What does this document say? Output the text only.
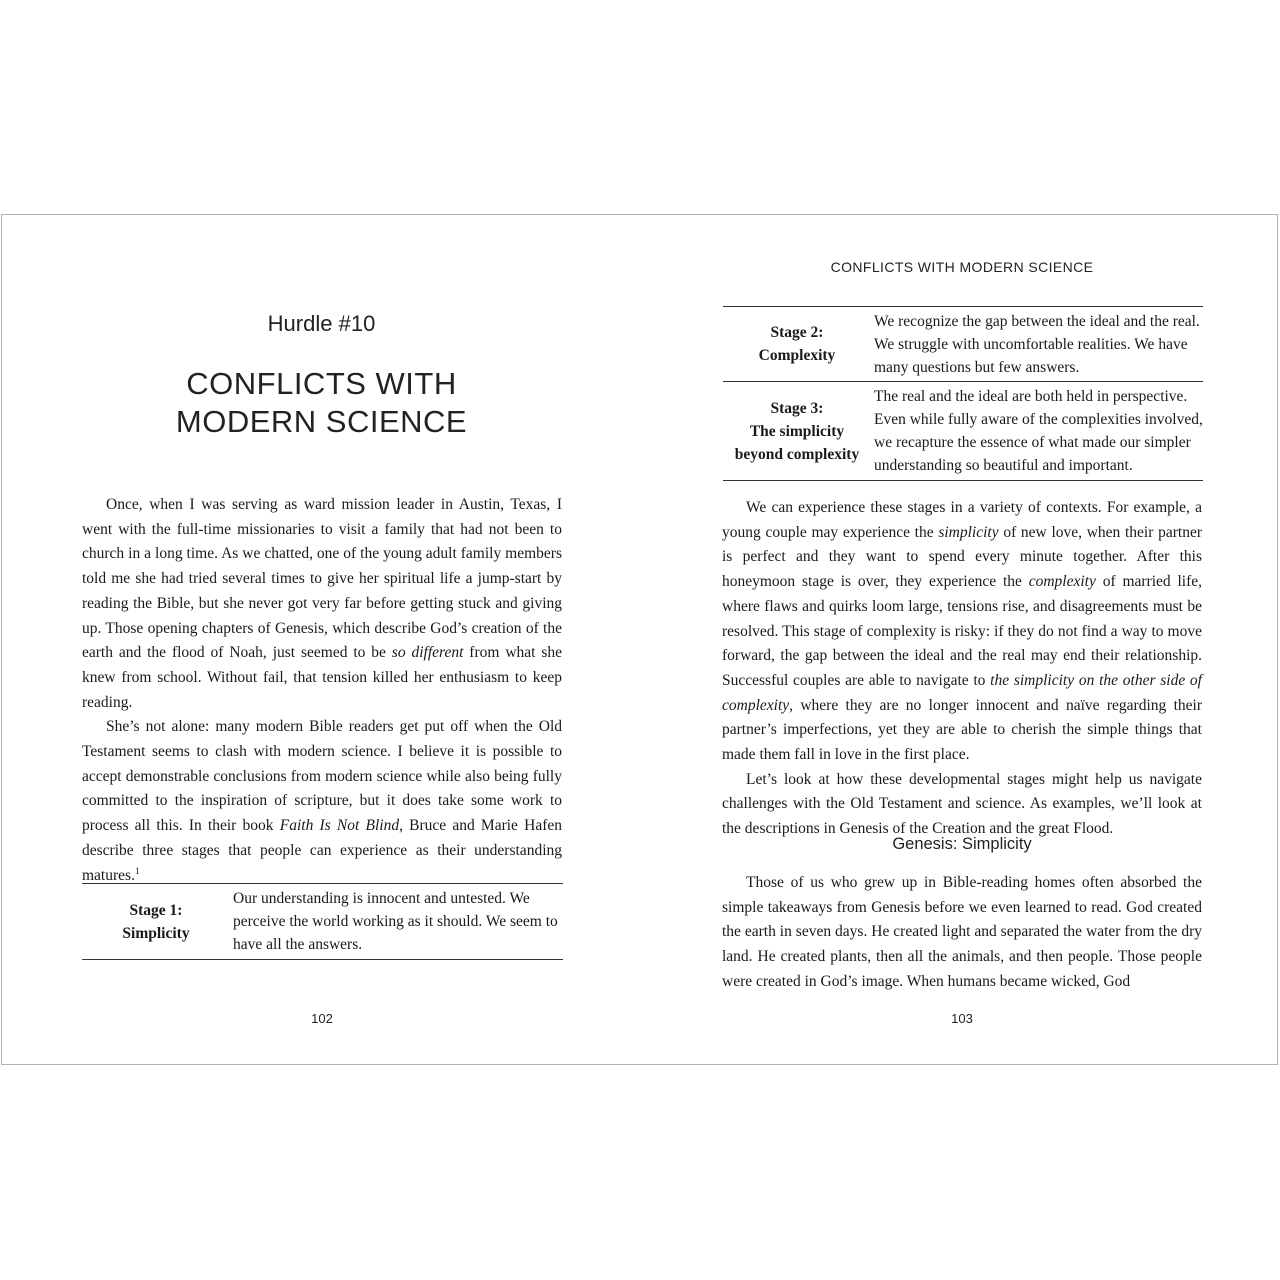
Hurdle #10
CONFLICTS WITH
MODERN SCIENCE

Once, when I was serving as ward mission leader in Austin, Texas, I went with the full-time missionaries to visit a family that had not been to church in a long time. As we chatted, one of the young adult family members told me she had tried several times to give her spiritual life a jump-start by reading the Bible, but she never got very far before getting stuck and giving up. Those opening chapters of Genesis, which describe God’s creation of the earth and the flood of Noah, just seemed to be so different from what she knew from school. Without fail, that tension killed her enthusiasm to keep reading.

She’s not alone: many modern Bible readers get put off when the Old Testament seems to clash with modern science. I believe it is possible to accept demonstrable conclusions from modern science while also being fully committed to the inspiration of scripture, but it does take some work to process all this. In their book Faith Is Not Blind, Bruce and Marie Hafen describe three stages that people can experience as their understanding matures.$^1$

Stage 1:
Simplicity
	Our understanding is innocent and untested. We perceive the world working as it should. We seem to have all the answers.
102
CONFLICTS WITH MODERN SCIENCE
Stage 2:
Complexity	We recognize the gap between the ideal and the real. We struggle with uncomfortable realities. We have many questions but few answers.

Stage 3:
The simplicity
beyond complexity	The real and the ideal are both held in perspective. Even while fully aware of the complexities involved, we recapture the essence of what made our simpler understanding so beautiful and important.

We can experience these stages in a variety of contexts. For example, a young couple may experience the simplicity of new love, when their partner is perfect and they want to spend every minute together. After this honeymoon stage is over, they experience the complexity of married life, where flaws and quirks loom large, tensions rise, and disagreements must be resolved. This stage of complexity is risky: if they do not find a way to move forward, the gap between the ideal and the real may end their relationship. Successful couples are able to navigate to the simplicity on the other side of complexity, where they are no longer innocent and naïve regarding their partner’s imperfections, yet they are able to cherish the simple things that made them fall in love in the first place.

Let’s look at how these developmental stages might help us navigate challenges with the Old Testament and science. As examples, we’ll look at the descriptions in Genesis of the Creation and the great Flood.

Genesis: Simplicity

Those of us who grew up in Bible-reading homes often absorbed the simple takeaways from Genesis before we even learned to read. God created the earth in seven days. He created light and separated the water from the dry land. He created plants, then all the animals, and then people. Those people were created in God’s image. When humans became wicked, God

103
